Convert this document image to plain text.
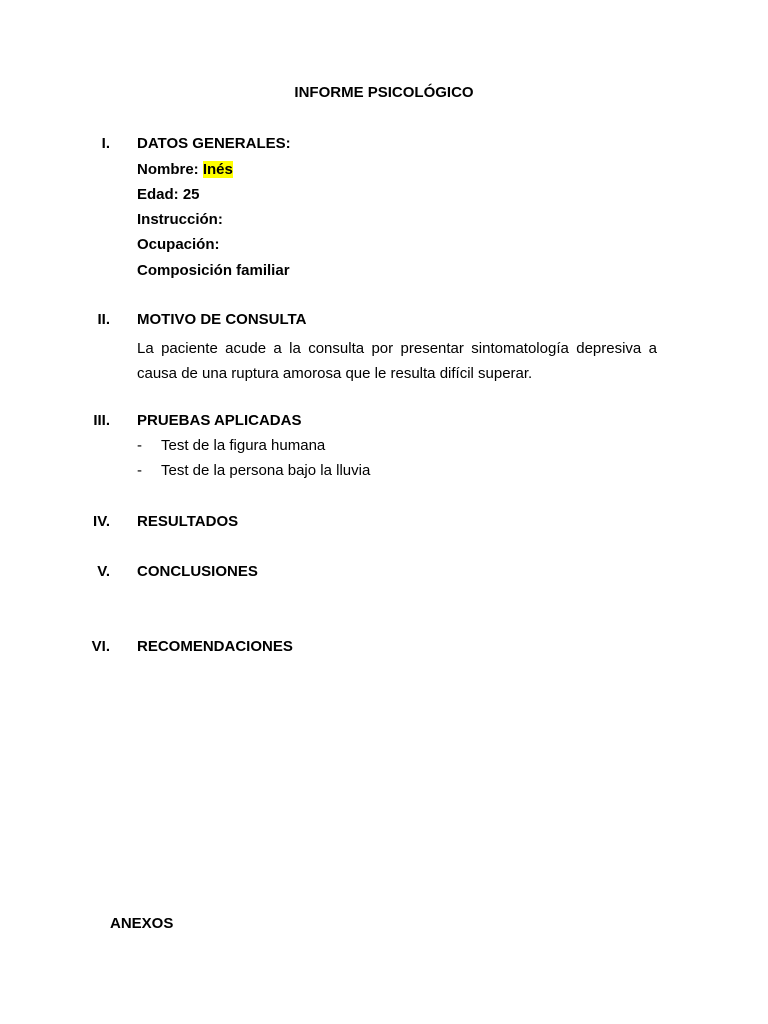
INFORME PSICOLÓGICO
I. DATOS GENERALES:
Nombre: Inés
Edad: 25
Instrucción:
Ocupación:
Composición familiar
II. MOTIVO DE CONSULTA
La paciente acude a la consulta por presentar sintomatología depresiva a causa de una ruptura amorosa que le resulta difícil superar.
III. PRUEBAS APLICADAS
- Test de la figura humana
- Test de la persona bajo la lluvia
IV. RESULTADOS
V. CONCLUSIONES
VI. RECOMENDACIONES
ANEXOS
